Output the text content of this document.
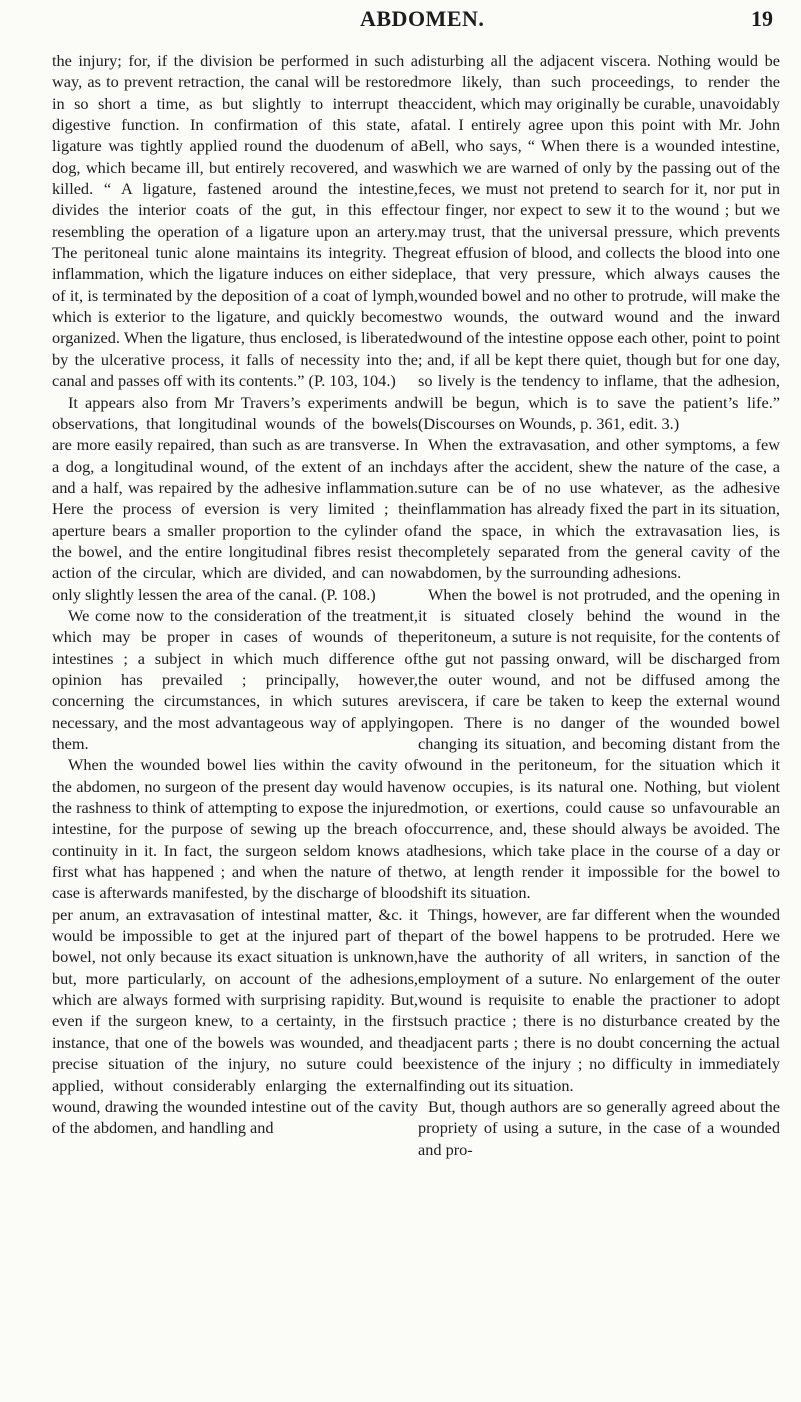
ABDOMEN.	19

the injury; for, if the division be performed in such a way, as to prevent retraction, the canal will be restored in so short a time, as but slightly to interrupt the digestive function. In confirmation of this state, a ligature was tightly applied round the duodenum of a dog, which became ill, but entirely recovered, and was killed. “ A ligature, fastened around the intestine, divides the interior coats of the gut, in this effect resembling the operation of a ligature upon an artery. The peritoneal tunic alone maintains its integrity. The inflammation, which the ligature induces on either side of it, is terminated by the deposition of a coat of lymph, which is exterior to the ligature, and quickly becomes organized. When the ligature, thus enclosed, is liberated by the ulcerative process, it falls of necessity into the canal and passes off with its contents.” (P. 103, 104.)

It appears also from Mr Travers’s experiments and observations, that longitudinal wounds of the bowels are more easily repaired, than such as are transverse. In a dog, a longitudinal wound, of the extent of an inch and a half, was repaired by the adhesive inflammation. Here the process of eversion is very limited ; the aperture bears a smaller proportion to the cylinder of the bowel, and the entire longitudinal fibres resist the action of the circular, which are divided, and can now only slightly lessen the area of the canal. (P. 108.)

We come now to the consideration of the treatment, which may be proper in cases of wounds of the intestines ; a subject in which much difference of opinion has prevailed ; principally, however, concerning the circumstances, in which sutures are necessary, and the most advantageous way of applying them.

When the wounded bowel lies within the cavity of the abdomen, no surgeon of the present day would have the rashness to think of attempting to expose the injured intestine, for the purpose of sewing up the breach of continuity in it. In fact, the surgeon seldom knows at first what has happened ; and when the nature of the case is afterwards manifested, by the discharge of blood per anum, an extravasation of intestinal matter, &c. it would be impossible to get at the injured part of the bowel, not only because its exact situation is unknown, but, more particularly, on account of the adhesions, which are always formed with surprising rapidity. But, even if the surgeon knew, to a certainty, in the first instance, that one of the bowels was wounded, and the precise situation of the injury, no suture could be applied, without considerably enlarging the external wound, drawing the wounded intestine out of the cavity of the abdomen, and handling and

disturbing all the adjacent viscera. Nothing would be more likely, than such proceedings, to render the accident, which may originally be curable, unavoidably fatal. I entirely agree upon this point with Mr. John Bell, who says, “ When there is a wounded intestine, which we are warned of only by the passing out of the feces, we must not pretend to search for it, nor put in our finger, nor expect to sew it to the wound ; but we may trust, that the universal pressure, which prevents great effusion of blood, and collects the blood into one place, that very pressure, which always causes the wounded bowel and no other to protrude, will make the two wounds, the outward wound and the inward wound of the intestine oppose each other, point to point ; and, if all be kept there quiet, though but for one day, so lively is the tendency to inflame, that the adhesion, will be begun, which is to save the patient’s life.” (Discourses on Wounds, p. 361, edit. 3.)

When the extravasation, and other symptoms, a few days after the accident, shew the nature of the case, a suture can be of no use whatever, as the adhesive inflammation has already fixed the part in its situation, and the space, in which the extravasation lies, is completely separated from the general cavity of the abdomen, by the surrounding adhesions.

When the bowel is not protruded, and the opening in it is situated closely behind the wound in the peritoneum, a suture is not requisite, for the contents of the gut not passing onward, will be discharged from the outer wound, and not be diffused among the viscera, if care be taken to keep the external wound open. There is no danger of the wounded bowel changing its situation, and becoming distant from the wound in the peritoneum, for the situation which it now occupies, is its natural one. Nothing, but violent motion, or exertions, could cause so unfavourable an occurrence, and, these should always be avoided. The adhesions, which take place in the course of a day or two, at length render it impossible for the bowel to shift its situation.

Things, however, are far different when the wounded part of the bowel happens to be protruded. Here we have the authority of all writers, in sanction of the employment of a suture. No enlargement of the outer wound is requisite to enable the practioner to adopt such practice ; there is no disturbance created by the adjacent parts ; there is no doubt concerning the actual existence of the injury ; no difficulty in immediately finding out its situation.

But, though authors are so generally agreed about the propriety of using a suture, in the case of a wounded and pro-
